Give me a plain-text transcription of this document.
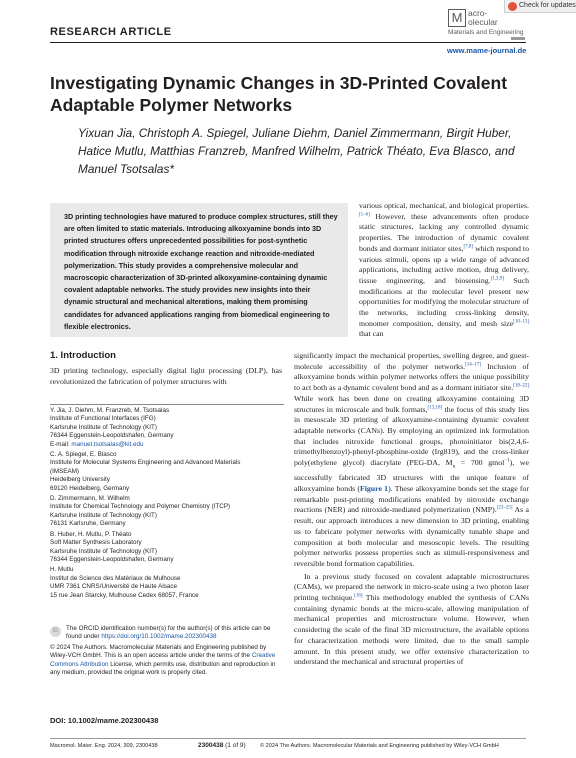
RESEARCH ARTICLE
M acro-
olecular
Materials and Engineering
www.mame-journal.de
Check for updates
Investigating Dynamic Changes in 3D-Printed Covalent Adaptable Polymer Networks
Yixuan Jia, Christoph A. Spiegel, Juliane Diehm, Daniel Zimmermann, Birgit Huber, Hatice Mutlu, Matthias Franzreb, Manfred Wilhelm, Patrick Théato, Eva Blasco, and Manuel Tsotsalas*
3D printing technologies have matured to produce complex structures, still they are often limited to static materials. Introducing alkoxyamine bonds into 3D printed structures offers unprecedented possibilities for post-synthetic modification through nitroxide exchange reaction and nitroxide-mediated polymerization. This study provides a comprehensive molecular and macroscopic characterization of 3D-printed alkoxyamine-containing dynamic covalent adaptable networks. The study provides new insights into their dynamic structural and mechanical alterations, making them promising candidates for advanced applications ranging from biomedical engineering to flexible electronics.
various optical, mechanical, and biological properties.[1–6] However, these advancements often produce static structures, lacking any controlled dynamic properties. The introduction of dynamic covalent bonds and dormant initiator sites,[7,8] which respond to various stimuli, opens up a wide range of advanced applications, including active motion, drug delivery, tissue engineering, and biosensing.[1,3,9] Such modifications at the molecular level present new opportunities for modifying the molecular structure of the networks, including cross-linking density, monomer composition, density, and mesh size[10–13] that can
significantly impact the mechanical properties, swelling degree, and guest-molecule accessibility of the polymer networks.[14–17] Inclusion of alkoxyamine bonds within polymer networks offers the unique possibility to act both as a dynamic covalent bond and as a dormant initiator site.[18–22] While work has been done on creating alkoxyamine containing 3D structures in microscale and bulk formats,[13,18] the focus of this study lies in mesoscale 3D printing of alkoxyamine-containing dynamic covalent adaptable networks (CANs). By employing an optimized ink formulation that includes nitroxide functional groups, photoinitiator bis(2,4,6-trimethylbenzoyl)-phenyl-phosphine-oxide (Irg819), and the cross-linker poly(ethylene glycol) diacrylate (PEG-DA, $M_n = 700$ gmol$^{-1}$), we successfully fabricated 3D structures with the unique feature of alkoxyamine bonds (Figure 1). These alkoxyamine bonds set the stage for remarkable post-printing modifications enabled by nitroxide exchange reactions (NER) and nitroxide-mediated polymerization (NMP).[23–25] As a result, our approach introduces a new dimension to 3D printing, enabling us to fabricate polymer networks with dynamically tunable shape and composition at both molecular and mesoscopic levels. The resulting polymer networks possess properties such as stimuli-responsiveness and reversible bond formation capabilities.
In a previous study focused on covalent adaptable microstructures (CAMs), we prepared the network in micro-scale using a two photon laser printing technique.[16] This methodology enabled the synthesis of CANs containing dynamic bonds at the micro-scale, allowing manipulation of mechanical properties and microstructure volume. However, when considering the scale of the final 3D microstructure, the available options for characterization methods were limited, due to the small sample amount. In this present study, we offer extensive characterization to understand the mechanical and structural properties of
1. Introduction
3D printing technology, especially digital light processing (DLP), has revolutionized the fabrication of polymer structures with
Y. Jia, J. Diehm, M. Franzreb, M. Tsotsalas
Institute of Functional Interfaces (IFG)
Karlsruhe Institute of Technology (KIT)
76344 Eggenstein-Leopoldshafen, Germany
E-mail: manuel.tsotsalas@kit.edu
C. A. Spiegel, E. Blasco
Institute for Molecular Systems Engineering and Advanced Materials
(IMSEAM)
Heidelberg University
69120 Heidelberg, Germany
D. Zimmermann, M. Wilhelm
Institute for Chemical Technology and Polymer Chemistry (ITCP)
Karlsruhe Institute of Technology (KIT)
76131 Karlsruhe, Germany
B. Huber, H. Mutlu, P. Théato
Soft Matter Synthesis Laboratory
Karlsruhe Institute of Technology (KIT)
76344 Eggenstein-Leopoldshafen, Germany
H. Mutlu
Institut de Science des Matériaux de Mulhouse
UMR 7361 CNRS/Université de Haute Alsace
15 rue Jean Starcky, Mulhouse Cedex 68057, France
iD	The ORCID identification number(s) for the author(s) of this article can be found under https://doi.org/10.1002/mame.202300438
© 2024 The Authors. Macromolecular Materials and Engineering published by Wiley-VCH GmbH. This is an open access article under the terms of the Creative Commons Attribution License, which permits use, distribution and reproduction in any medium, provided the original work is properly cited.
DOI: 10.1002/mame.202300438
Macromol. Mater. Eng. 2024, 309, 2300438	2300438 (1 of 9)	© 2024 The Authors. Macromolecular Materials and Engineering published by Wiley-VCH GmbH
